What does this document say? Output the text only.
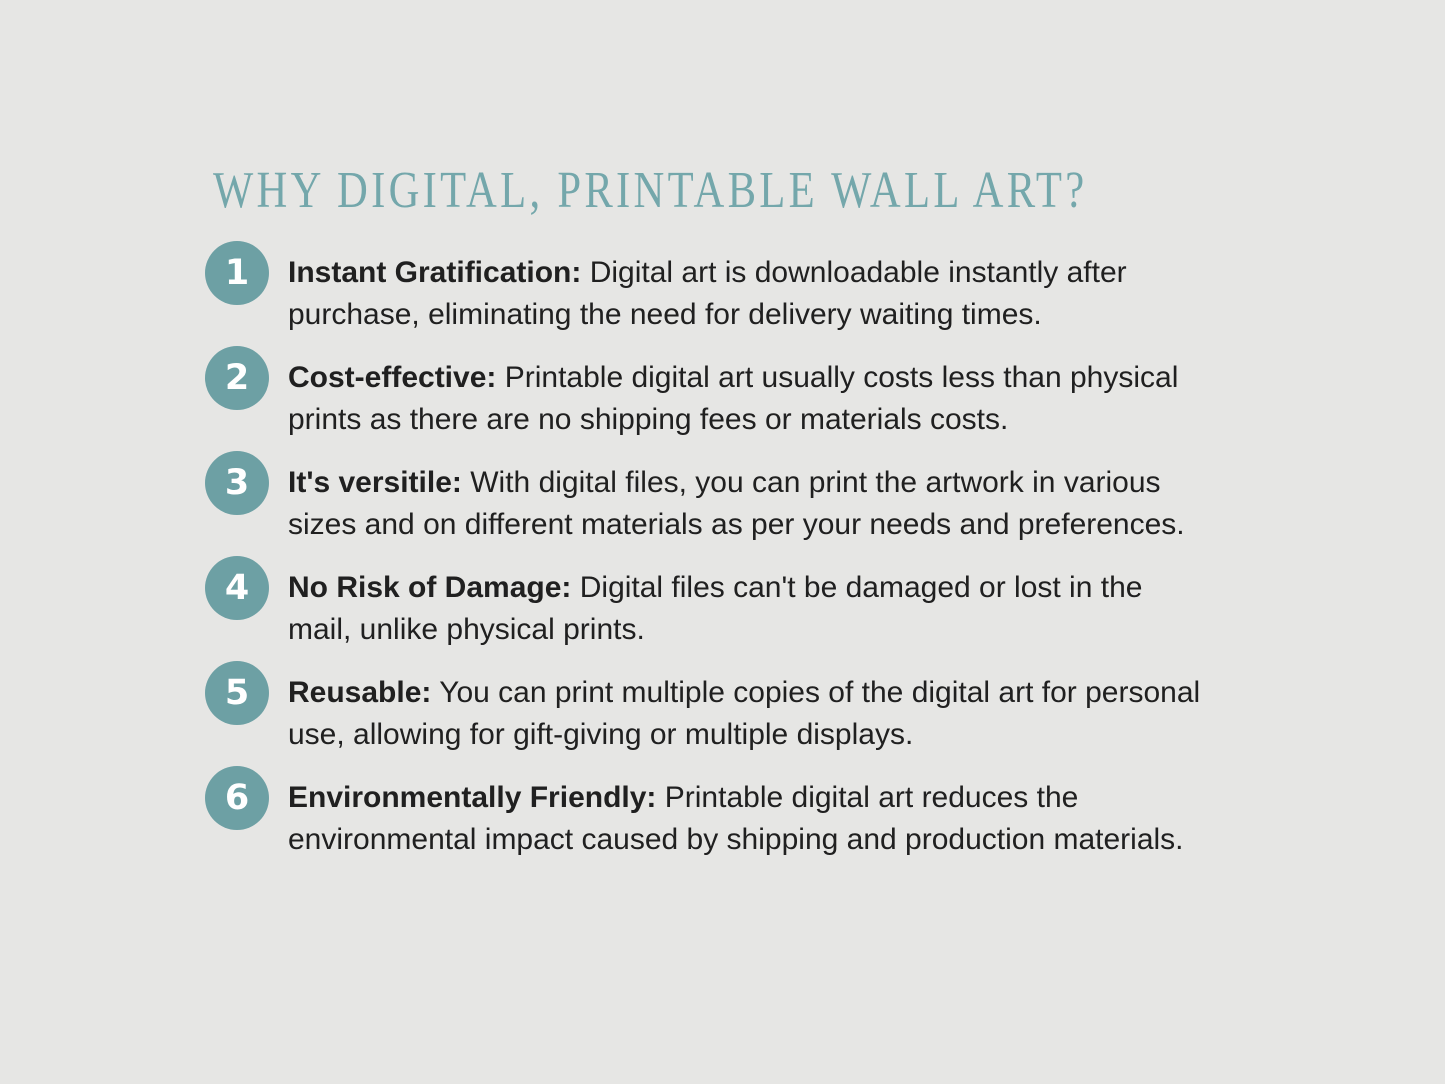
WHY DIGITAL, PRINTABLE WALL ART?
1	Instant Gratification: Digital art is downloadable instantly after purchase, eliminating the need for delivery waiting times.

2	Cost-effective: Printable digital art usually costs less than physical prints as there are no shipping fees or materials costs.

3	It's versitile: With digital files, you can print the artwork in various sizes and on different materials as per your needs and preferences.

4	No Risk of Damage: Digital files can't be damaged or lost in the mail, unlike physical prints.

5	Reusable: You can print multiple copies of the digital art for personal use, allowing for gift-giving or multiple displays.

6	Environmentally Friendly: Printable digital art reduces the environmental impact caused by shipping and production materials.
